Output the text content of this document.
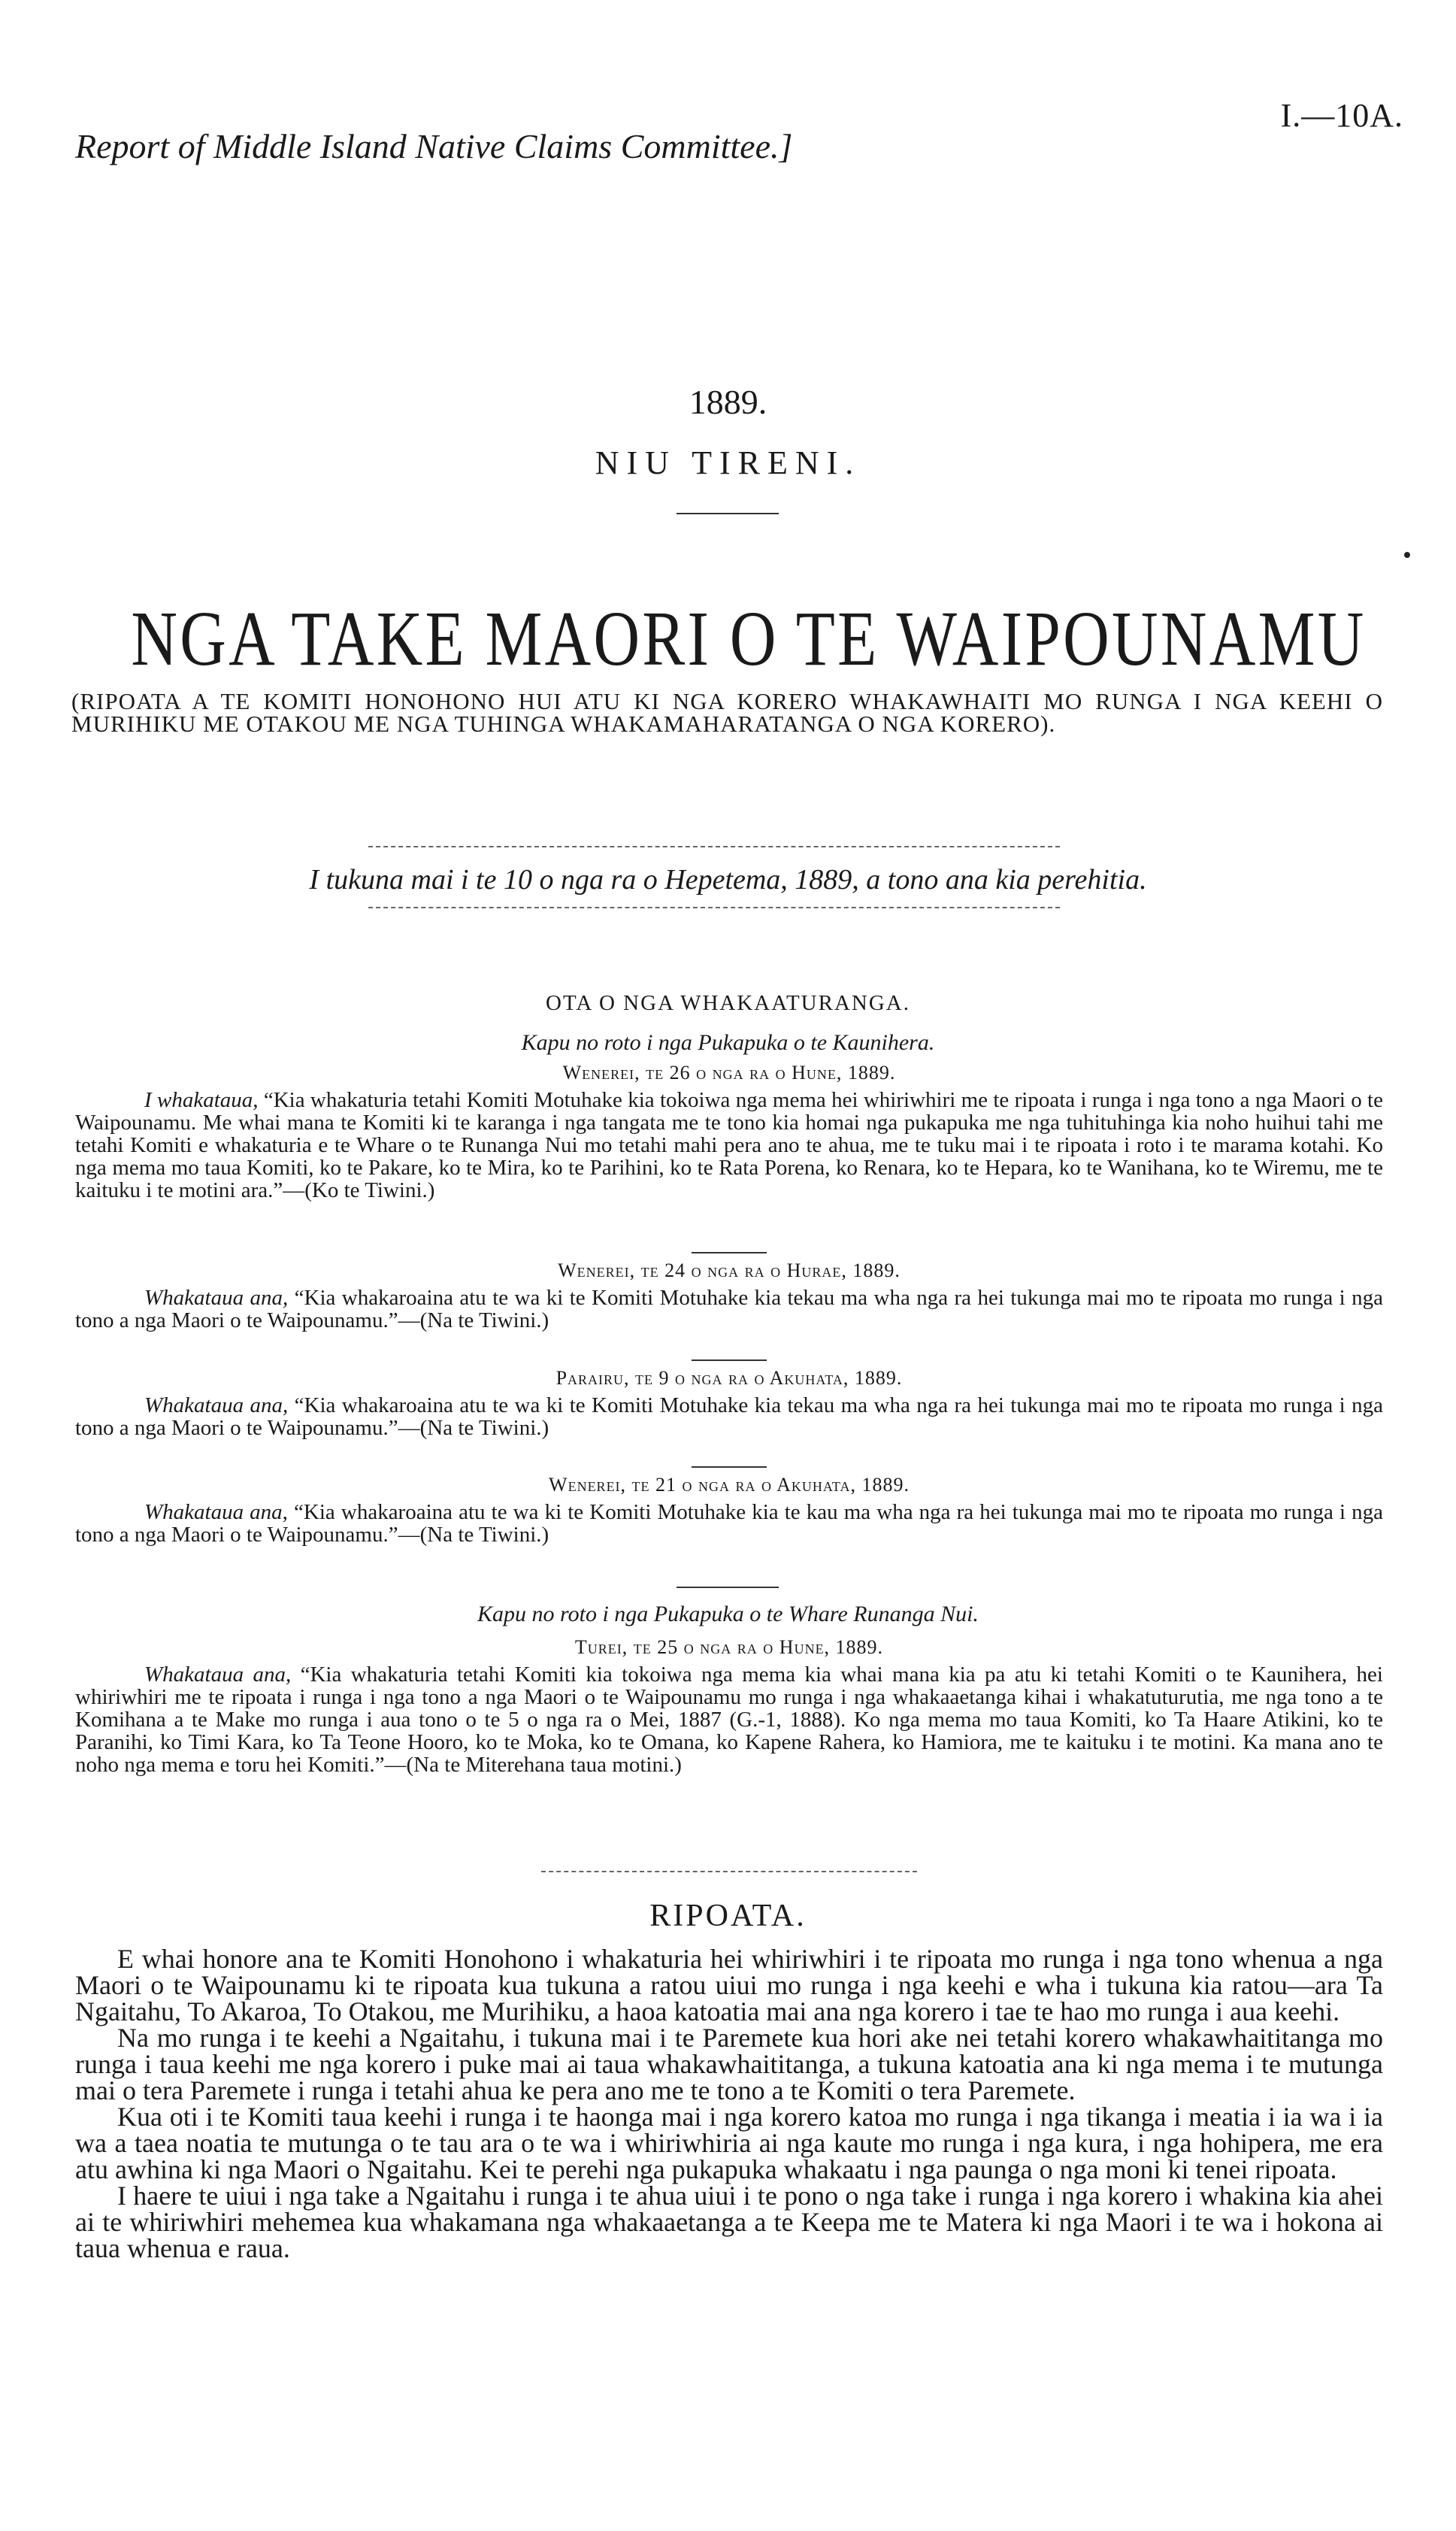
Report of Middle Island Native Claims Committee.]
I.—10A.
1889.
NIU TIRENI.
NGA TAKE MAORI O TE WAIPOUNAMU
(RIPOATA A TE KOMITI HONOHONO HUI ATU KI NGA KORERO WHAKAWHAITI MO RUNGA I NGA KEEHI O MURIHIKU ME OTAKOU ME NGA TUHINGA WHAKAMAHARATANGA O NGA KORERO).
I tukuna mai i te 10 o nga ra o Hepetema, 1889, a tono ana kia perehitia.
OTA O NGA WHAKAATURANGA.
Kapu no roto i nga Pukapuka o te Kaunihera.
Wenerei, te 26 o nga ra o Hune, 1889.
I whakataua, “Kia whakaturia tetahi Komiti Motuhake kia tokoiwa nga mema hei whiriwhiri me te ripoata i runga i nga tono a nga Maori o te Waipounamu. Me whai mana te Komiti ki te karanga i nga tangata me te tono kia homai nga pukapuka me nga tuhituhinga kia noho huihui tahi me tetahi Komiti e whakaturia e te Whare o te Runanga Nui mo tetahi mahi pera ano te ahua, me te tuku mai i te ripoata i roto i te marama kotahi. Ko nga mema mo taua Komiti, ko te Pakare, ko te Mira, ko te Parihini, ko te Rata Porena, ko Renara, ko te Hepara, ko te Wanihana, ko te Wiremu, me te kaituku i te motini ara.”—(Ko te Tiwini.)
Wenerei, te 24 o nga ra o Hurae, 1889.
Whakataua ana, “Kia whakaroaina atu te wa ki te Komiti Motuhake kia tekau ma wha nga ra hei tukunga mai mo te ripoata mo runga i nga tono a nga Maori o te Waipounamu.”—(Na te Tiwini.)
Parairu, te 9 o nga ra o Akuhata, 1889.
Whakataua ana, “Kia whakaroaina atu te wa ki te Komiti Motuhake kia tekau ma wha nga ra hei tukunga mai mo te ripoata mo runga i nga tono a nga Maori o te Waipounamu.”—(Na te Tiwini.)
Wenerei, te 21 o nga ra o Akuhata, 1889.
Whakataua ana, “Kia whakaroaina atu te wa ki te Komiti Motuhake kia te kau ma wha nga ra hei tukunga mai mo te ripoata mo runga i nga tono a nga Maori o te Waipounamu.”—(Na te Tiwini.)
Kapu no roto i nga Pukapuka o te Whare Runanga Nui.
Turei, te 25 o nga ra o Hune, 1889.
Whakataua ana, “Kia whakaturia tetahi Komiti kia tokoiwa nga mema kia whai mana kia pa atu ki tetahi Komiti o te Kaunihera, hei whiriwhiri me te ripoata i runga i nga tono a nga Maori o te Waipounamu mo runga i nga whakaaetanga kihai i whakatuturutia, me nga tono a te Komihana a te Make mo runga i aua tono o te 5 o nga ra o Mei, 1887 (G.-1, 1888). Ko nga mema mo taua Komiti, ko Ta Haare Atikini, ko te Paranihi, ko Timi Kara, ko Ta Teone Hooro, ko te Moka, ko te Omana, ko Kapene Rahera, ko Hamiora, me te kaituku i te motini. Ka mana ano te noho nga mema e toru hei Komiti.”—(Na te Miterehana taua motini.)
RIPOATA.

E whai honore ana te Komiti Honohono i whakaturia hei whiriwhiri i te ripoata mo runga i nga tono whenua a nga Maori o te Waipounamu ki te ripoata kua tukuna a ratou uiui mo runga i nga keehi e wha i tukuna kia ratou—ara Ta Ngaitahu, To Akaroa, To Otakou, me Murihiku, a haoa katoatia mai ana nga korero i tae te hao mo runga i aua keehi.

Na mo runga i te keehi a Ngaitahu, i tukuna mai i te Paremete kua hori ake nei tetahi korero whakawhaititanga mo runga i taua keehi me nga korero i puke mai ai taua whakawhaititanga, a tukuna katoatia ana ki nga mema i te mutunga mai o tera Paremete i runga i tetahi ahua ke pera ano me te tono a te Komiti o tera Paremete.

Kua oti i te Komiti taua keehi i runga i te haonga mai i nga korero katoa mo runga i nga tikanga i meatia i ia wa i ia wa a taea noatia te mutunga o te tau ara o te wa i whiriwhiria ai nga kaute mo runga i nga kura, i nga hohipera, me era atu awhina ki nga Maori o Ngaitahu. Kei te perehi nga pukapuka whakaatu i nga paunga o nga moni ki tenei ripoata.

I haere te uiui i nga take a Ngaitahu i runga i te ahua uiui i te pono o nga take i runga i nga korero i whakina kia ahei ai te whiriwhiri mehemea kua whakamana nga whakaaetanga a te Keepa me te Matera ki nga Maori i te wa i hokona ai taua whenua e raua.
